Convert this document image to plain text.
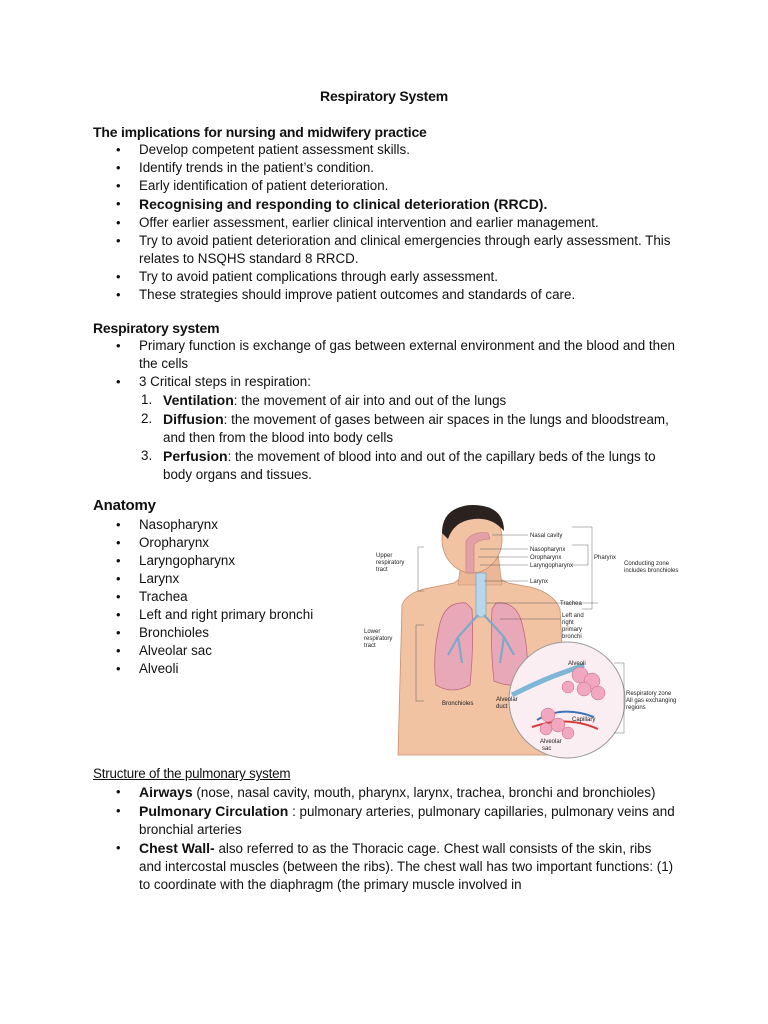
Respiratory System
The implications for nursing and midwifery practice
• Develop competent patient assessment skills.
• Identify trends in the patient’s condition.
• Early identification of patient deterioration.
• Recognising and responding to clinical deterioration (RRCD).
• Offer earlier assessment, earlier clinical intervention and earlier management.
• Try to avoid patient deterioration and clinical emergencies through early assessment. This relates to NSQHS standard 8 RRCD.
• Try to avoid patient complications through early assessment.
• These strategies should improve patient outcomes and standards of care.
Respiratory system
• Primary function is exchange of gas between external environment and the blood and then the cells
• 3 Critical steps in respiration:
1. Ventilation: the movement of air into and out of the lungs
2. Diffusion: the movement of gases between air spaces in the lungs and bloodstream, and then from the blood into body cells
3. Perfusion: the movement of blood into and out of the capillary beds of the lungs to body organs and tissues.
Anatomy
• Nasopharynx
• Oropharynx
• Laryngopharynx
• Larynx
• Trachea
• Left and right primary bronchi
• Bronchioles
• Alveolar sac
• Alveoli
Nasal cavity
Nasopharynx
Oropharynx
Laryngopharynx
Pharynx
Larynx
Trachea
Left and
right
primary
bronchi
Upper
respiratory
tract
Lower
respiratory
tract
Conducting zone
includes bronchioles
Alveoli
Alveolar
duct
Bronchioles
Capillary
Alveolar
sac
Respiratory zone
All gas exchanging
regions
Structure of the pulmonary system
• Airways (nose, nasal cavity, mouth, pharynx, larynx, trachea, bronchi and bronchioles)
• Pulmonary Circulation : pulmonary arteries, pulmonary capillaries, pulmonary veins and bronchial arteries
• Chest Wall- also referred to as the Thoracic cage. Chest wall consists of the skin, ribs and intercostal muscles (between the ribs). The chest wall has two important functions: (1) to coordinate with the diaphragm (the primary muscle involved in
